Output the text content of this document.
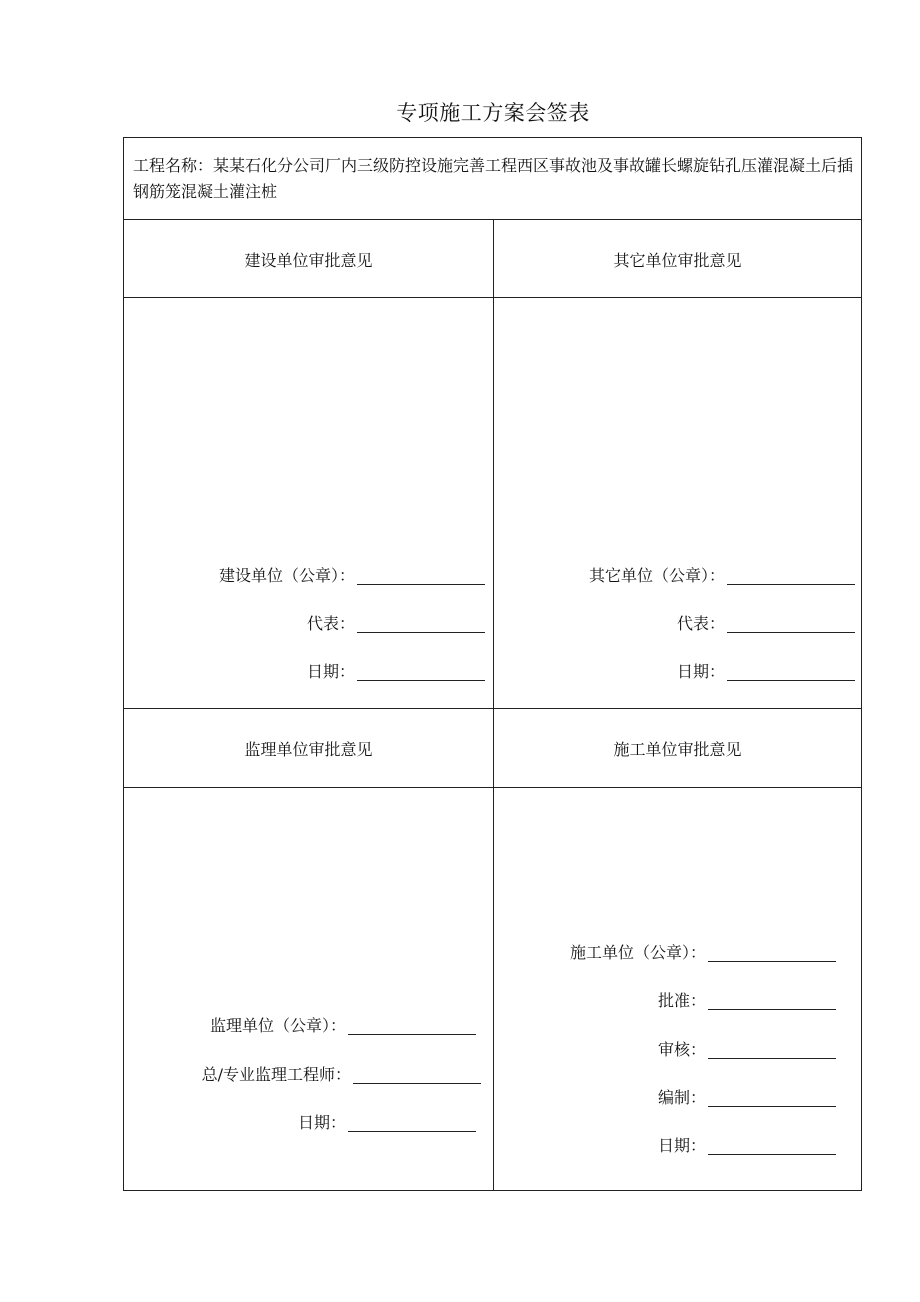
专项施工方案会签表
工程名称：某某石化分公司厂内三级防控设施完善工程西区事故池及事故罐长螺旋钻孔压灌混凝土后插钢筋笼混凝土灌注桩
建设单位审批意见	其它单位审批意见
建设单位（公章）：
代表：
日期：
其它单位（公章）：
代表：
日期：
监理单位审批意见	施工单位审批意见
监理单位（公章）：
总/专业监理工程师：
日期：
施工单位（公章）：
批准：
审核：
编制：
日期：
